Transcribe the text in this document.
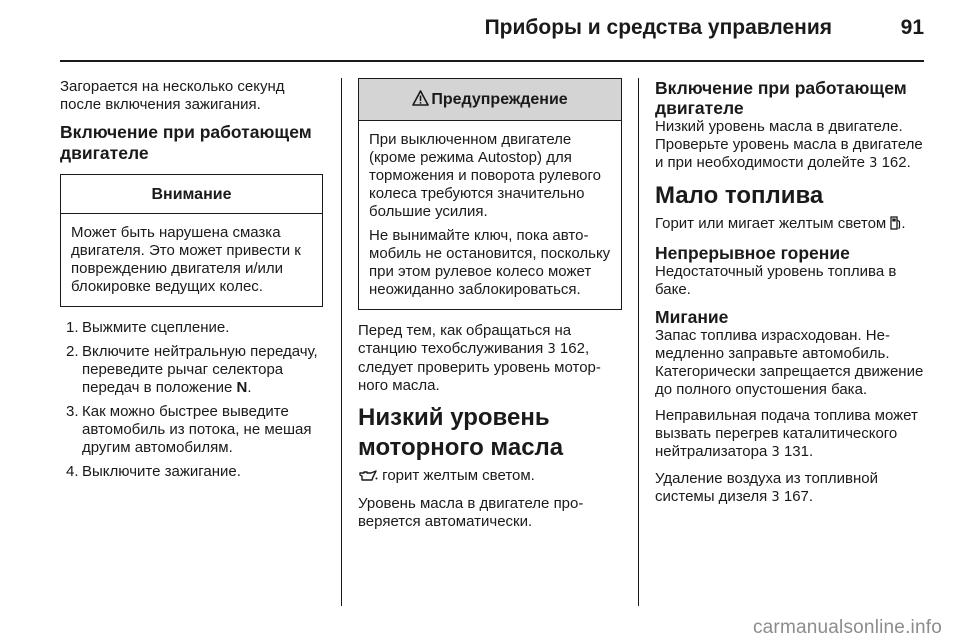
Приборы и средства управления	91

Загорается на несколько секунд после включения зажигания.

Включение при работающем двигателе
Внимание

Может быть нарушена смазка двигателя. Это может привести к повреждению двигателя и/или блокировке ведущих колес.

1. Выжмите сцепление.
2. Включите нейтральную передачу, переведите рычаг селектора передач в положение N.
3. Как можно быстрее выведите автомобиль из потока, не мешая другим автомобилям.
4. Выключите зажигание.
Предупреждение

При выключенном двигателе (кроме режима Autostop) для торможения и поворота рулевого колеса требуются значительно большие усилия.

Не вынимайте ключ, пока автомобиль не остановится, поскольку при этом рулевое колесо может неожиданно заблокироваться.

Перед тем, как обращаться на станцию техобслуживания 3 162, следует проверить уровень моторного масла.

Низкий уровень моторного масла

горит желтым светом.

Уровень масла в двигателе проверяется автоматически.

Включение при работающем двигателе

Низкий уровень масла в двигателе. Проверьте уровень масла в двигателе и при необходимости долейте 3 162.

Мало топлива

Горит или мигает желтым светом .

Непрерывное горение

Недостаточный уровень топлива в баке.

Мигание

Запас топлива израсходован. Немедленно заправьте автомобиль. Категорически запрещается движение до полного опустошения бака.

Неправильная подача топлива может вызвать перегрев каталитического нейтрализатора 3 131.

Удаление воздуха из топливной системы дизеля 3 167.

carmanualsonline.info
